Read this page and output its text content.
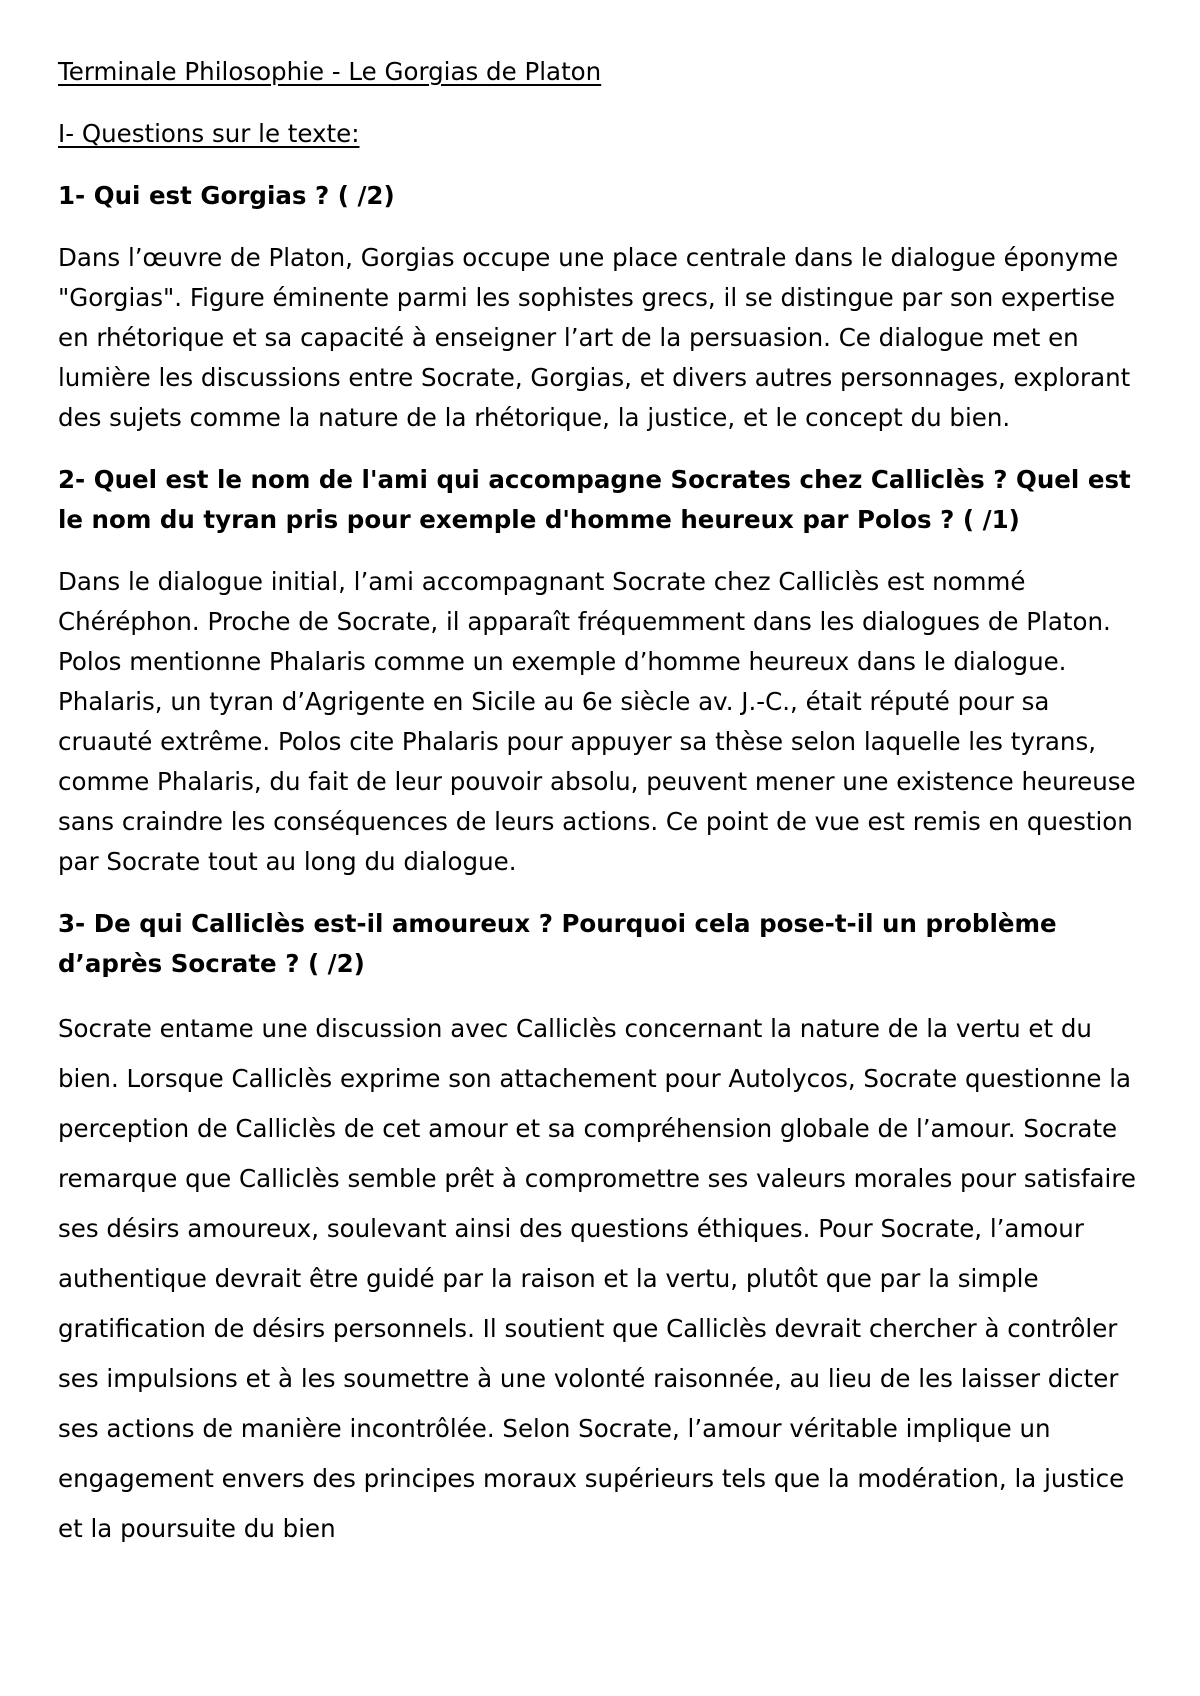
Terminale Philosophie - Le Gorgias de Platon

I- Questions sur le texte:

1- Qui est Gorgias ? ( /2)

Dans l’œuvre de Platon, Gorgias occupe une place centrale dans le dialogue éponyme "Gorgias". Figure éminente parmi les sophistes grecs, il se distingue par son expertise en rhétorique et sa capacité à enseigner l’art de la persuasion. Ce dialogue met en lumière les discussions entre Socrate, Gorgias, et divers autres personnages, explorant des sujets comme la nature de la rhétorique, la justice, et le concept du bien.

2- Quel est le nom de l'ami qui accompagne Socrates chez Calliclès ? Quel est le nom du tyran pris pour exemple d'homme heureux par Polos ? ( /1)

Dans le dialogue initial, l’ami accompagnant Socrate chez Calliclès est nommé Chéréphon. Proche de Socrate, il apparaît fréquemment dans les dialogues de Platon. Polos mentionne Phalaris comme un exemple d’homme heureux dans le dialogue. Phalaris, un tyran d’Agrigente en Sicile au 6e siècle av. J.-C., était réputé pour sa cruauté extrême. Polos cite Phalaris pour appuyer sa thèse selon laquelle les tyrans, comme Phalaris, du fait de leur pouvoir absolu, peuvent mener une existence heureuse sans craindre les conséquences de leurs actions. Ce point de vue est remis en question par Socrate tout au long du dialogue.

3- De qui Calliclès est-il amoureux ? Pourquoi cela pose-t-il un problème d’après Socrate ? ( /2)

Socrate entame une discussion avec Calliclès concernant la nature de la vertu et du bien. Lorsque Calliclès exprime son attachement pour Autolycos, Socrate questionne la perception de Calliclès de cet amour et sa compréhension globale de l’amour. Socrate remarque que Calliclès semble prêt à compromettre ses valeurs morales pour satisfaire ses désirs amoureux, soulevant ainsi des questions éthiques. Pour Socrate, l’amour authentique devrait être guidé par la raison et la vertu, plutôt que par la simple gratification de désirs personnels. Il soutient que Calliclès devrait chercher à contrôler ses impulsions et à les soumettre à une volonté raisonnée, au lieu de les laisser dicter ses actions de manière incontrôlée. Selon Socrate, l’amour véritable implique un engagement envers des principes moraux supérieurs tels que la modération, la justice et la poursuite du bien
